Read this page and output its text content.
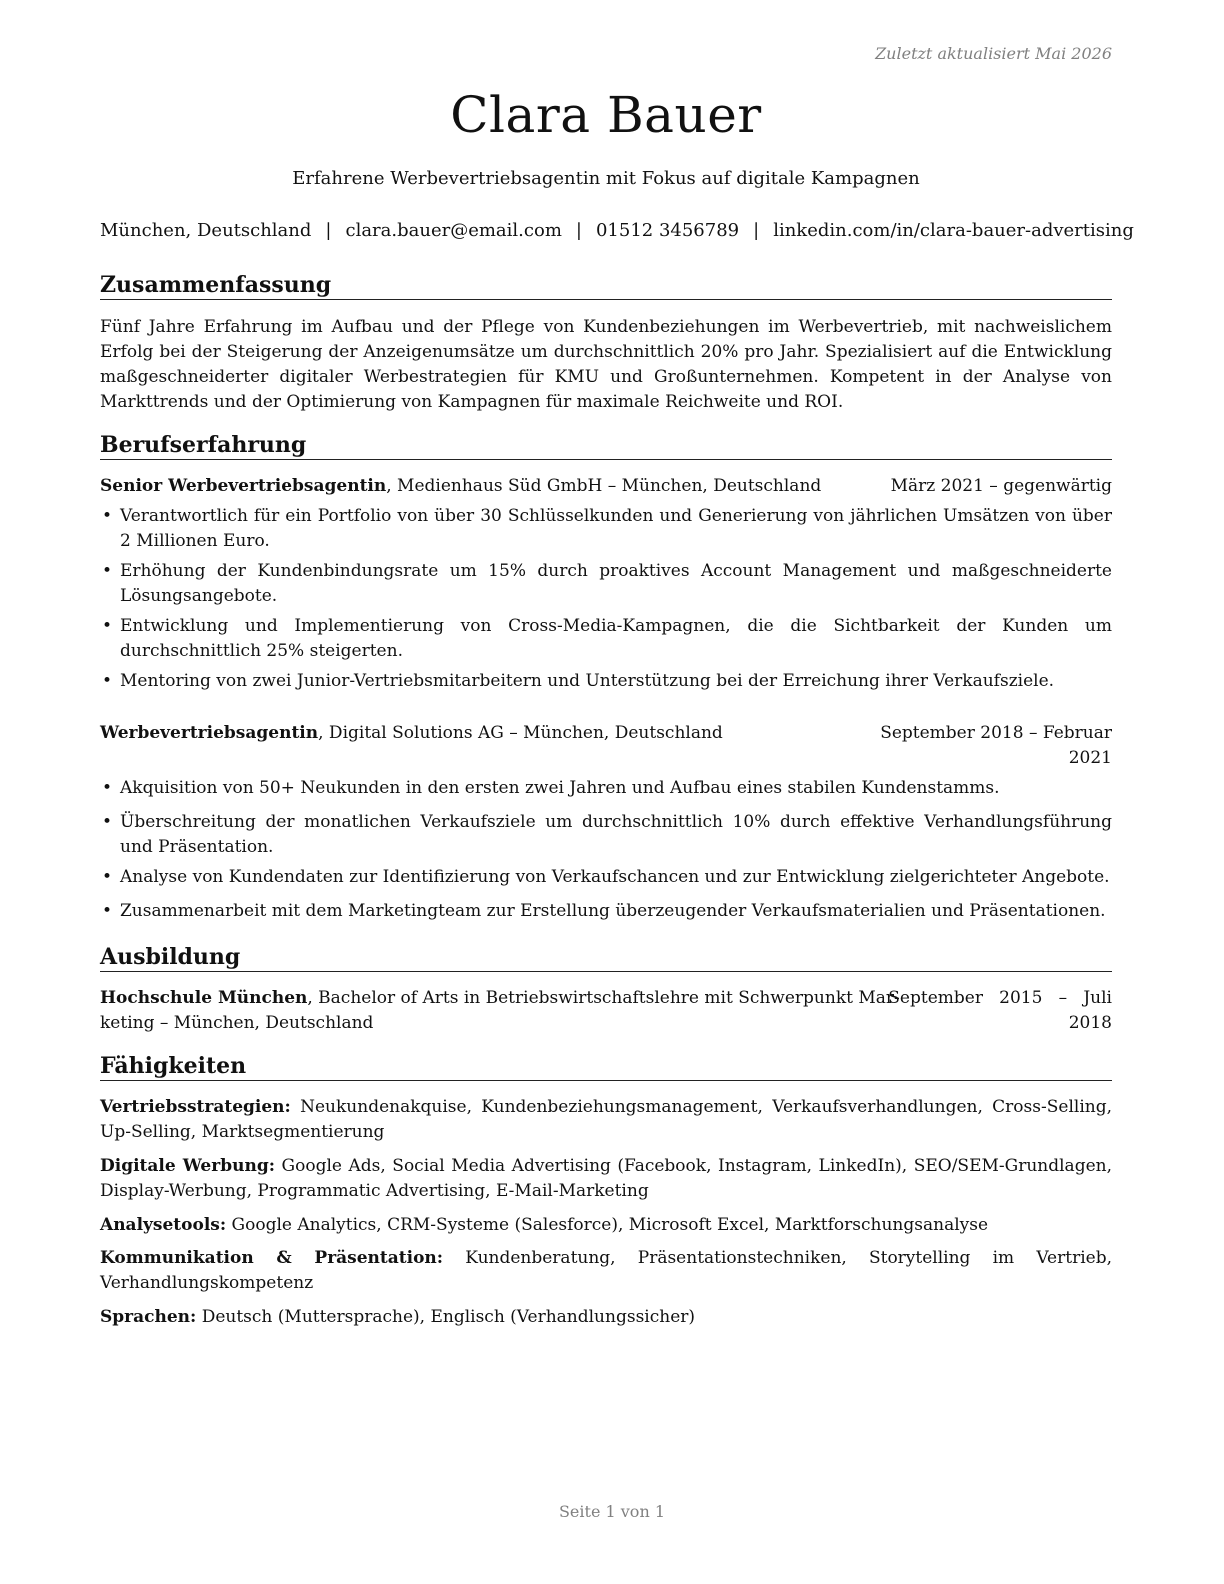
Zuletzt aktualisiert Mai 2026
Clara Bauer
Erfahrene Werbevertriebsagentin mit Fokus auf digitale Kampagnen
München, Deutschland | clara.bauer@email.com | 01512 3456789 | linkedin.com/in/clara-bauer-advertising
Zusammenfassung
Fünf Jahre Erfahrung im Aufbau und der Pflege von Kundenbeziehungen im Werbevertrieb, mit nachweislichem Erfolg bei der Steigerung der Anzeigenumsätze um durchschnittlich 20% pro Jahr. Spezialisiert auf die Entwicklung maßgeschneiderter digitaler Werbestrategien für KMU und Großunternehmen. Kompetent in der Analyse von Markttrends und der Optimierung von Kampagnen für maximale Reichweite und ROI.
Berufserfahrung
Senior Werbevertriebsagentin, Medienhaus Süd GmbH – München, Deutschland	März 2021 – gegenwärtig
• Verantwortlich für ein Portfolio von über 30 Schlüsselkunden und Generierung von jährlichen Umsätzen von über 2 Millionen Euro.
• Erhöhung der Kundenbindungsrate um 15% durch proaktives Account Management und maßgeschneiderte Lösungsangebote.
• Entwicklung und Implementierung von Cross-Media-Kampagnen, die die Sichtbarkeit der Kunden um durchschnittlich 25% steigerten.
• Mentoring von zwei Junior-Vertriebsmitarbeitern und Unterstützung bei der Erreichung ihrer Verkaufsziele.
Werbevertriebsagentin, Digital Solutions AG – München, Deutschland	September 2018 – Februar
2021
• Akquisition von 50+ Neukunden in den ersten zwei Jahren und Aufbau eines stabilen Kundenstamms.
• Überschreitung der monatlichen Verkaufsziele um durchschnittlich 10% durch effektive Verhandlungsführung und Präsentation.
• Analyse von Kundendaten zur Identifizierung von Verkaufschancen und zur Entwicklung zielgerichteter Angebote.
• Zusammenarbeit mit dem Marketingteam zur Erstellung überzeugender Verkaufsmaterialien und Präsentationen.
Ausbildung
Hochschule München, Bachelor of Arts in Betriebswirtschaftslehre mit Schwerpunkt Mar-
keting – München, Deutschland
September   2015   –   Juli
2018
Fähigkeiten
Vertriebsstrategien: Neukundenakquise, Kundenbeziehungsmanagement, Verkaufsverhandlungen, Cross-Selling, Up-Selling, Marktsegmentierung
Digitale Werbung: Google Ads, Social Media Advertising (Facebook, Instagram, LinkedIn), SEO/SEM-Grundlagen, Display-Werbung, Programmatic Advertising, E-Mail-Marketing
Analysetools: Google Analytics, CRM-Systeme (Salesforce), Microsoft Excel, Marktforschungsanalyse
Kommunikation & Präsentation: Kundenberatung, Präsentationstechniken, Storytelling im Vertrieb, Verhandlungskompetenz
Sprachen: Deutsch (Muttersprache), Englisch (Verhandlungssicher)
Seite 1 von 1
